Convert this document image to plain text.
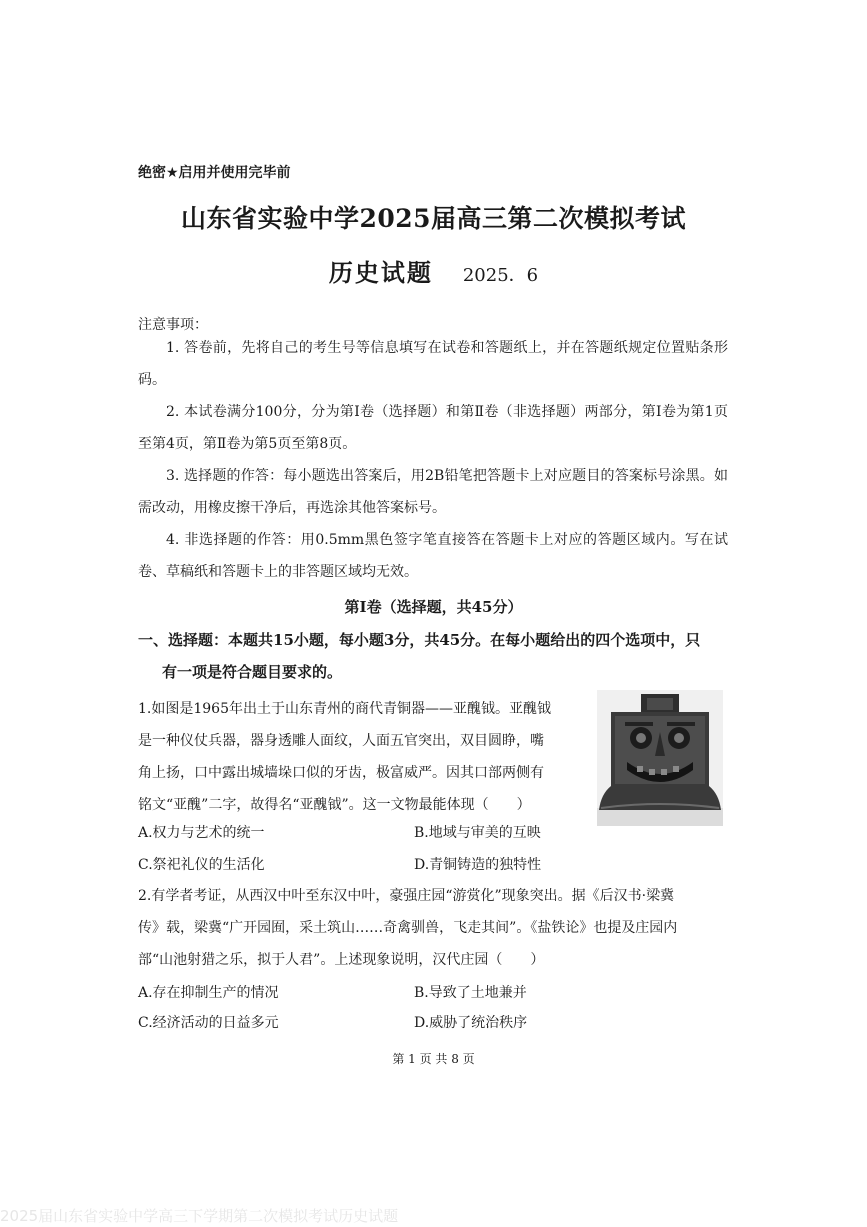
绝密★启用并使用完毕前
山东省实验中学2025届高三第二次模拟考试
历史试题 2025．6
注意事项：
1. 答卷前，先将自己的考生号等信息填写在试卷和答题纸上，并在答题纸规定位置贴条形码。
2. 本试卷满分100分，分为第Ⅰ卷（选择题）和第Ⅱ卷（非选择题）两部分，第Ⅰ卷为第1页至第4页，第Ⅱ卷为第5页至第8页。
3. 选择题的作答：每小题选出答案后，用2B铅笔把答题卡上对应题目的答案标号涂黑。如需改动，用橡皮擦干净后，再选涂其他答案标号。
4. 非选择题的作答：用0.5mm黑色签字笔直接答在答题卡上对应的答题区域内。写在试卷、草稿纸和答题卡上的非答题区域均无效。
第Ⅰ卷（选择题，共45分）
一、选择题：本题共15小题，每小题3分，共45分。在每小题给出的四个选项中，只
有一项是符合题目要求的。
1.如图是1965年出土于山东青州的商代青铜器——亚醜钺。亚醜钺
是一种仪仗兵器，器身透雕人面纹，人面五官突出，双目圆睁，嘴
角上扬，口中露出城墙垛口似的牙齿，极富威严。因其口部两侧有
铭文“亚醜”二字，故得名“亚醜钺”。这一文物最能体现（　　）
A.权力与艺术的统一	B.地域与审美的互映
C.祭祀礼仪的生活化	D.青铜铸造的独特性
2.有学者考证，从西汉中叶至东汉中叶，豪强庄园“游赏化”现象突出。据《后汉书·梁冀
传》载，梁冀“广开园囿，采土筑山……奇禽驯兽，飞走其间”。《盐铁论》也提及庄园内
部“山池射猎之乐，拟于人君”。上述现象说明，汉代庄园（　　）
A.存在抑制生产的情况	B.导致了土地兼并
C.经济活动的日益多元	D.威胁了统治秩序
第 1 页 共 8 页
2025届山东省实验中学高三下学期第二次模拟考试历史试题
